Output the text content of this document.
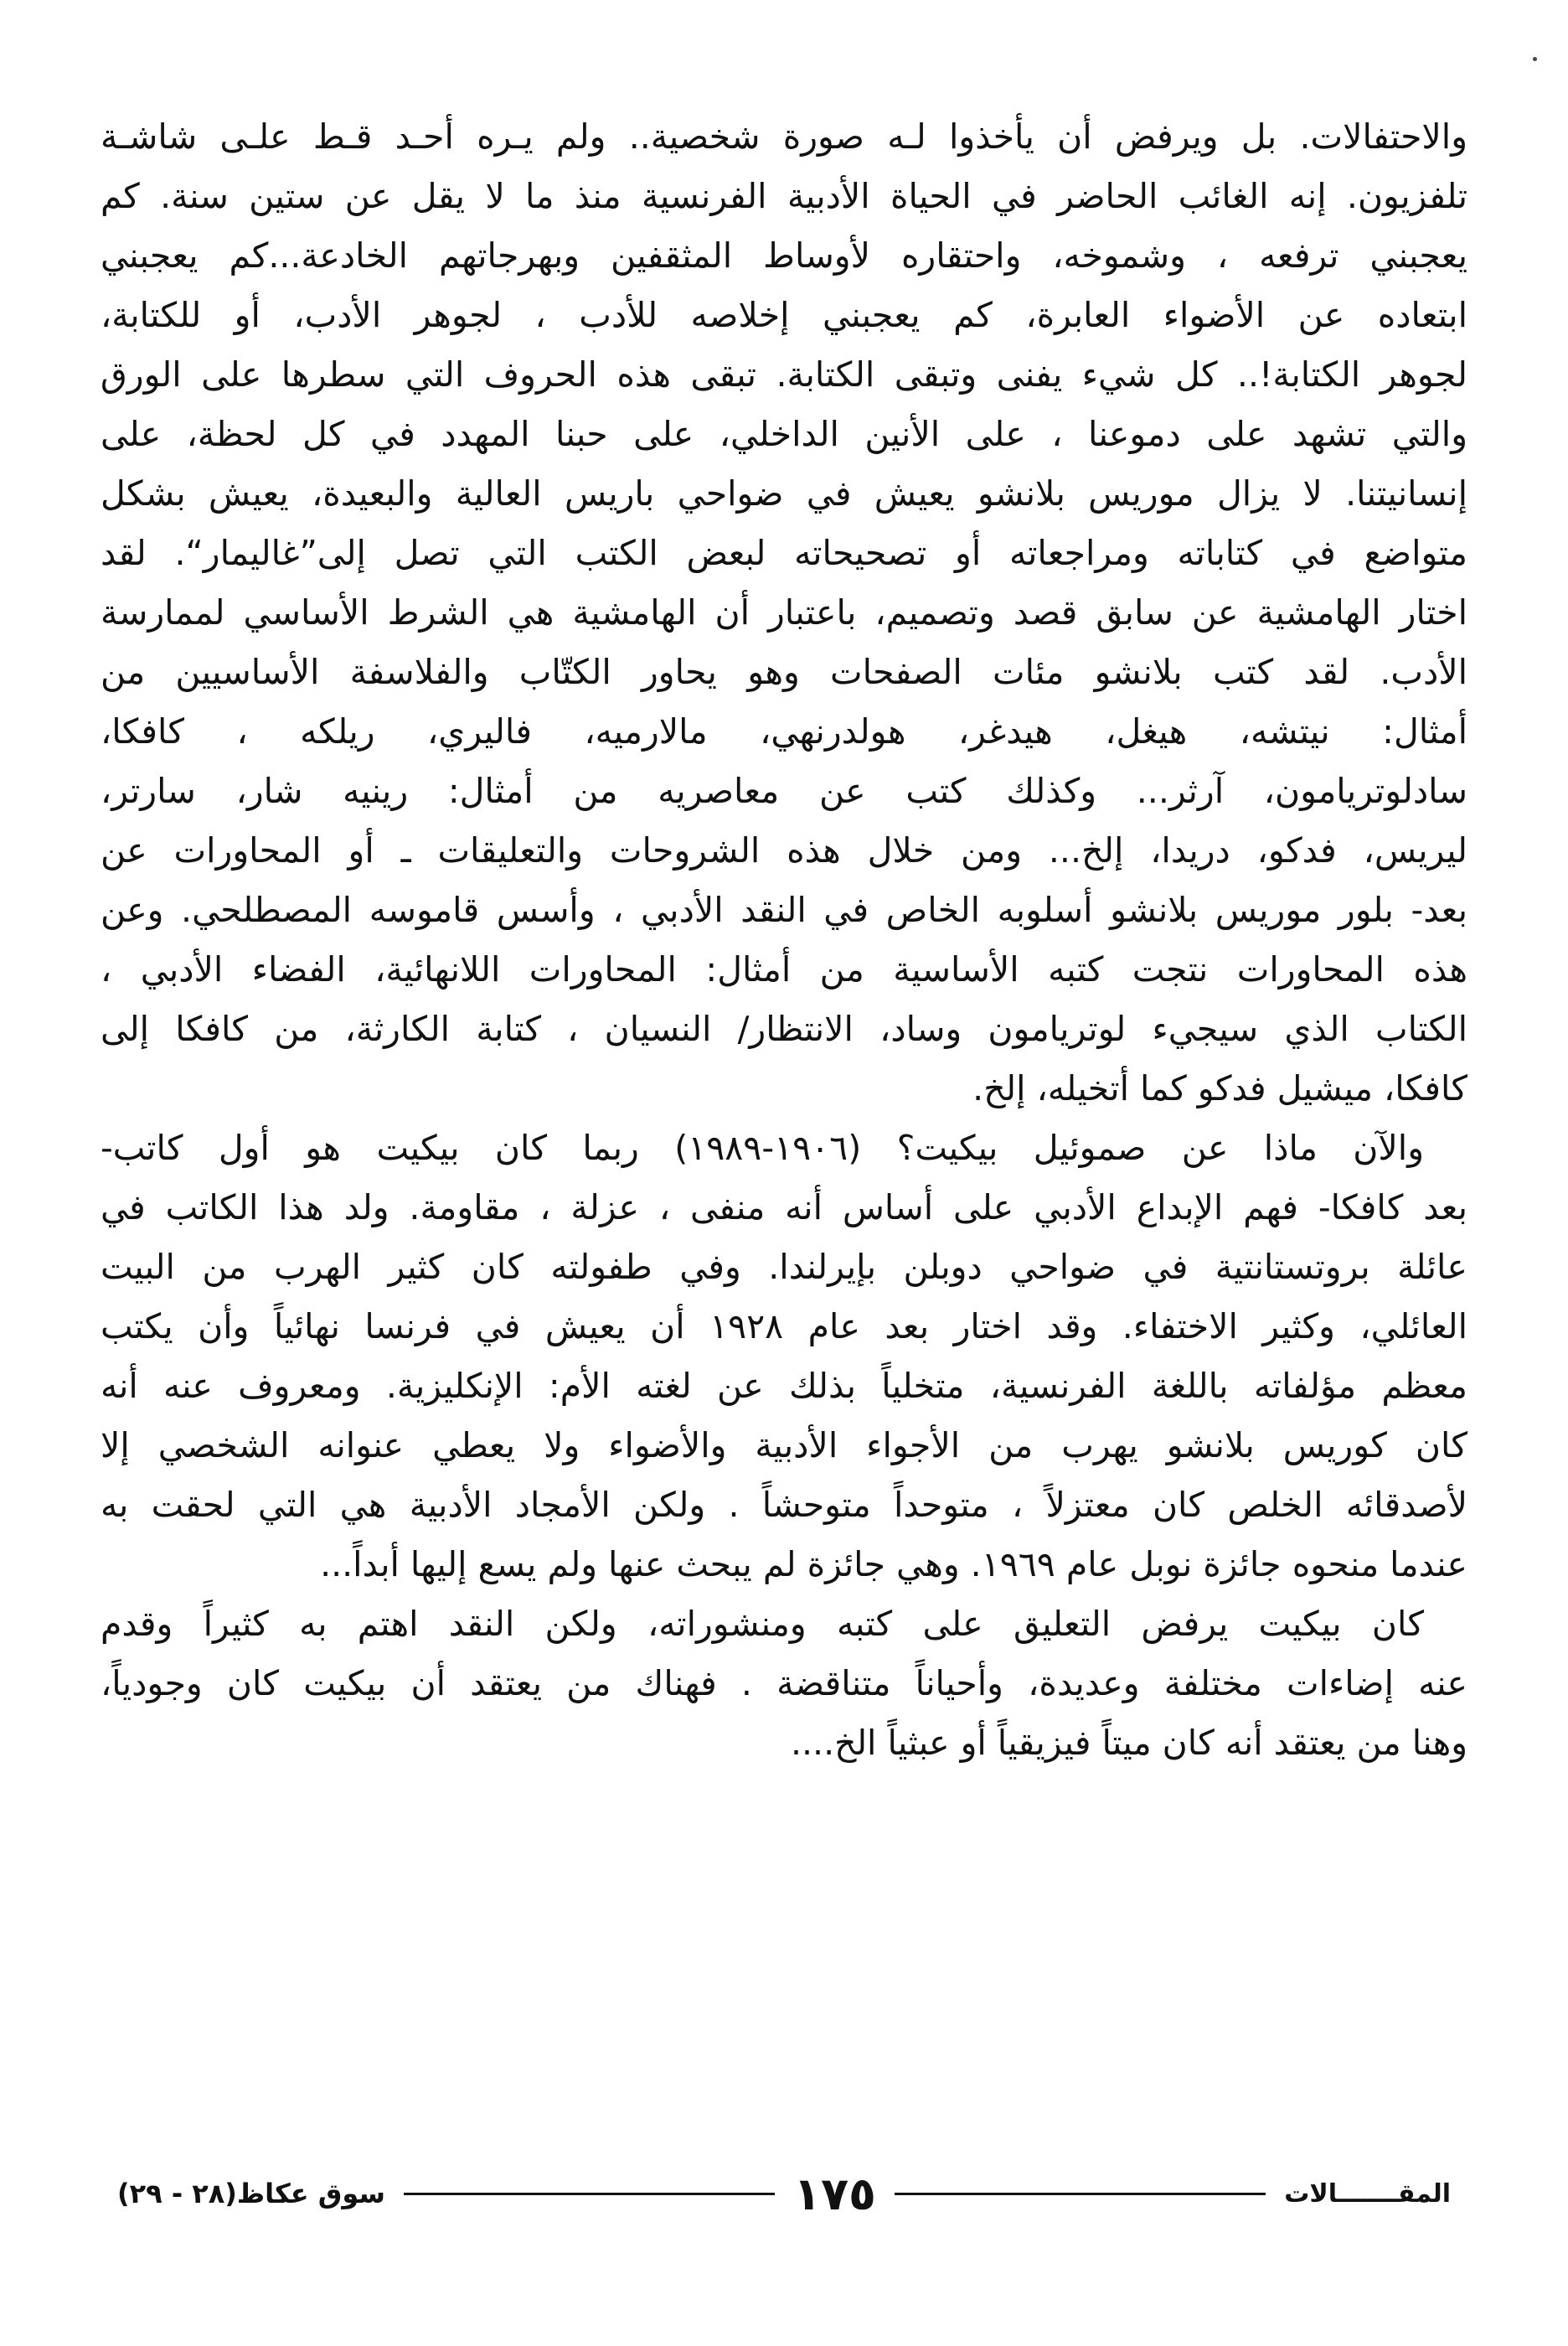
والاحتفالات. بل ويرفض أن يأخذوا لـه صورة شخصية.. ولم يـره أحـد قـط علـى شاشـة
تلفزيون. إنه الغائب الحاضر في الحياة الأدبية الفرنسية منذ ما لا يقل عن ستين سنة. كم
يعجبني ترفعه ، وشموخه، واحتقاره لأوساط المثقفين وبهرجاتهم الخادعة...كم يعجبني
ابتعاده عن الأضواء العابرة، كم يعجبني إخلاصه للأدب ، لجوهر الأدب، أو للكتابة،
لجوهر الكتابة!.. كل شيء يفنى وتبقى الكتابة. تبقى هذه الحروف التي سطرها على الورق
والتي تشهد على دموعنا ، على الأنين الداخلي، على حبنا المهدد في كل لحظة، على
إنسانيتنا. لا يزال موريس بلانشو يعيش في ضواحي باريس العالية والبعيدة، يعيش بشكل
متواضع في كتاباته ومراجعاته أو تصحيحاته لبعض الكتب التي تصل إلى”غاليمار“. لقد
اختار الهامشية عن سابق قصد وتصميم، باعتبار أن الهامشية هي الشرط الأساسي لممارسة
الأدب. لقد كتب بلانشو مئات الصفحات وهو يحاور الكتّاب والفلاسفة الأساسيين من
أمثال: نيتشه، هيغل، هيدغر، هولدرنهي، مالارميه، فاليري، ريلكه ، كافكا،
سادلوتريامون، آرثر... وكذلك كتب عن معاصريه من أمثال: رينيه شار، سارتر،
ليريس، فدكو، دريدا، إلخ... ومن خلال هذه الشروحات والتعليقات ـ أو المحاورات عن
بعد- بلور موريس بلانشو أسلوبه الخاص في النقد الأدبي ، وأسس قاموسه المصطلحي. وعن
هذه المحاورات نتجت كتبه الأساسية من أمثال: المحاورات اللانهائية، الفضاء الأدبي ،
الكتاب الذي سيجيء لوتريامون وساد، الانتظار/ النسيان ، كتابة الكارثة، من كافكا إلى
كافكا، ميشيل فدكو كما أتخيله، إلخ.
والآن ماذا عن صموئيل بيكيت؟ (١٩٠٦-١٩٨٩) ربما كان بيكيت هو أول كاتب-
بعد كافكا- فهم الإبداع الأدبي على أساس أنه منفى ، عزلة ، مقاومة. ولد هذا الكاتب في
عائلة بروتستانتية في ضواحي دوبلن بإيرلندا. وفي طفولته كان كثير الهرب من البيت
العائلي، وكثير الاختفاء. وقد اختار بعد عام ١٩٢٨ أن يعيش في فرنسا نهائياً وأن يكتب
معظم مؤلفاته باللغة الفرنسية، متخلياً بذلك عن لغته الأم: الإنكليزية. ومعروف عنه أنه
كان كوريس بلانشو يهرب من الأجواء الأدبية والأضواء ولا يعطي عنوانه الشخصي إلا
لأصدقائه الخلص كان معتزلاً ، متوحداً متوحشاً . ولكن الأمجاد الأدبية هي التي لحقت به
عندما منحوه جائزة نوبل عام ١٩٦٩. وهي جائزة لم يبحث عنها ولم يسع إليها أبداً...
كان بيكيت يرفض التعليق على كتبه ومنشوراته، ولكن النقد اهتم به كثيراً وقدم
عنه إضاءات مختلفة وعديدة، وأحياناً متناقضة . فهناك من يعتقد أن بيكيت كان وجودياً،
وهنا من يعتقد أنه كان ميتاً فيزيقياً أو عبثياً الخ....
المقـــــــالات
١٧٥
سوق عكاظ(٢٨ - ٢٩)
